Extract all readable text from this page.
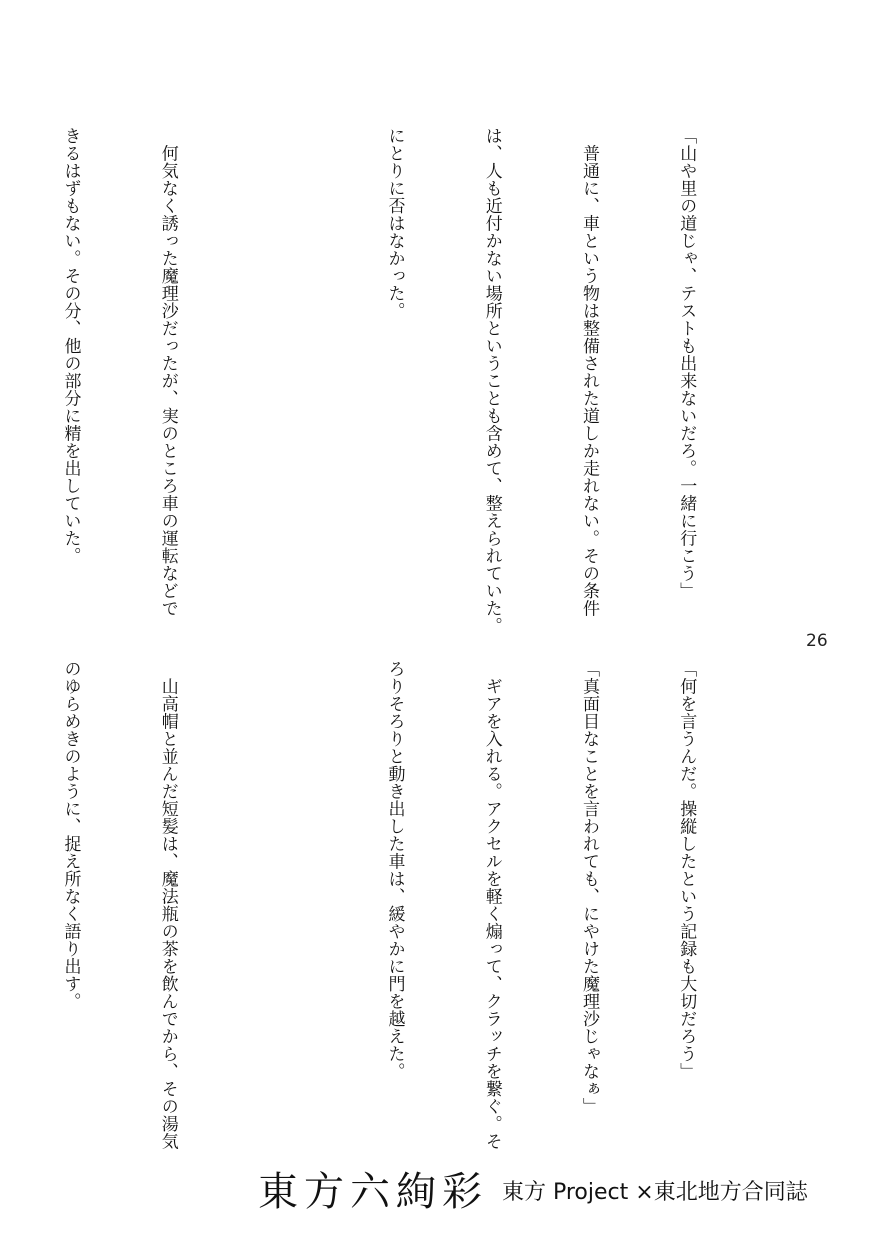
「山や里の道じゃ、テストも出来ないだろ。一緒に行こう」

　普通に、車という物は整備された道しか走れない。その条件

は、人も近付かない場所ということも含めて、整えられていた。

にとりに否はなかった。

　何気なく誘った魔理沙だったが、実のところ車の運転などで

きるはずもない。その分、他の部分に精を出していた。

26

「何を言うんだ。操縦したという記録も大切だろう」

「真面目なことを言われても、にやけた魔理沙じゃなぁ」

　ギアを入れる。アクセルを軽く煽って、クラッチを繋ぐ。そ

ろりそろりと動き出した車は、緩やかに門を越えた。

　山高帽と並んだ短髪は、魔法瓶の茶を飲んでから、その湯気

のゆらめきのように、捉え所なく語り出す。

東方六絢彩 東方 Project ×東北地方合同誌
